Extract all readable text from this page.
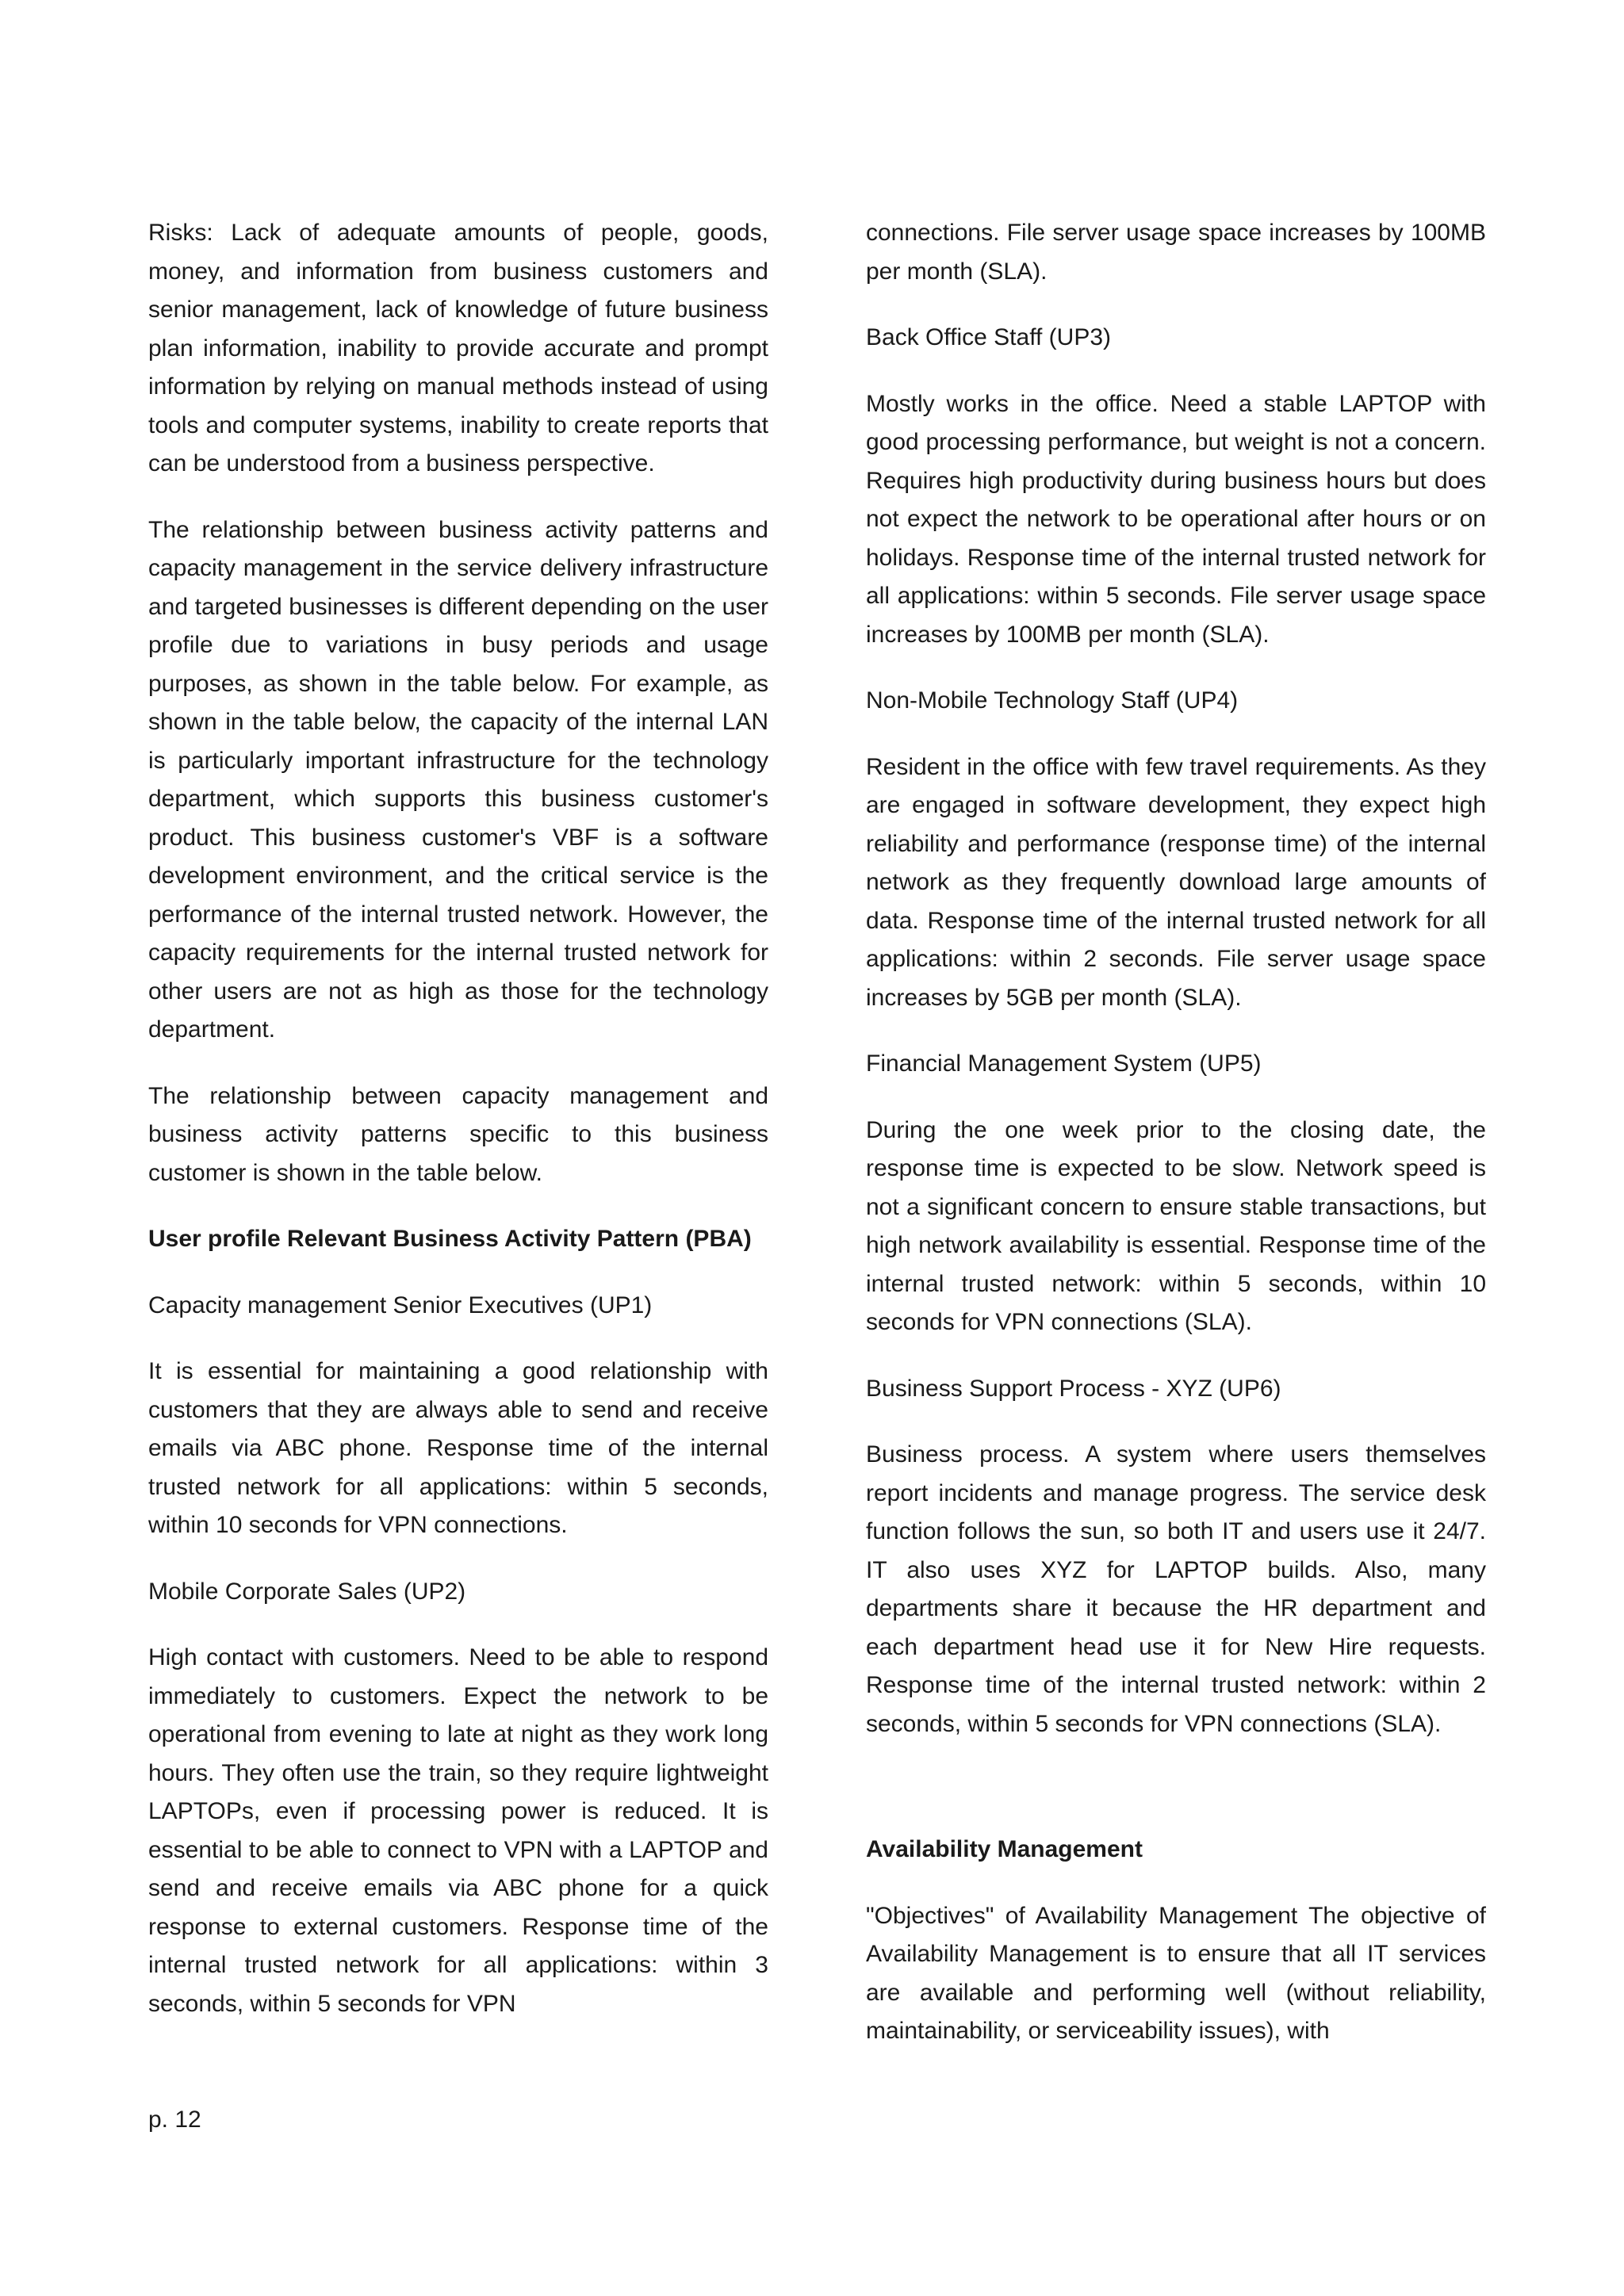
Risks: Lack of adequate amounts of people, goods, money, and information from business customers and senior management, lack of knowledge of future business plan information, inability to provide accurate and prompt information by relying on manual methods instead of using tools and computer systems, inability to create reports that can be understood from a business perspective.

The relationship between business activity patterns and capacity management in the service delivery infrastructure and targeted businesses is different depending on the user profile due to variations in busy periods and usage purposes, as shown in the table below. For example, as shown in the table below, the capacity of the internal LAN is particularly important infrastructure for the technology department, which supports this business customer's product. This business customer's VBF is a software development environment, and the critical service is the performance of the internal trusted network. However, the capacity requirements for the internal trusted network for other users are not as high as those for the technology department.

The relationship between capacity management and business activity patterns specific to this business customer is shown in the table below.

User profile Relevant Business Activity Pattern (PBA)

Capacity management Senior Executives (UP1)

It is essential for maintaining a good relationship with customers that they are always able to send and receive emails via ABC phone. Response time of the internal trusted network for all applications: within 5 seconds, within 10 seconds for VPN connections.

Mobile Corporate Sales (UP2)

High contact with customers. Need to be able to respond immediately to customers. Expect the network to be operational from evening to late at night as they work long hours. They often use the train, so they require lightweight LAPTOPs, even if processing power is reduced. It is essential to be able to connect to VPN with a LAPTOP and send and receive emails via ABC phone for a quick response to external customers. Response time of the internal trusted network for all applications: within 3 seconds, within 5 seconds for VPN

connections. File server usage space increases by 100MB per month (SLA).

Back Office Staff (UP3)

Mostly works in the office. Need a stable LAPTOP with good processing performance, but weight is not a concern. Requires high productivity during business hours but does not expect the network to be operational after hours or on holidays. Response time of the internal trusted network for all applications: within 5 seconds. File server usage space increases by 100MB per month (SLA).

Non-Mobile Technology Staff (UP4)

Resident in the office with few travel requirements. As they are engaged in software development, they expect high reliability and performance (response time) of the internal network as they frequently download large amounts of data. Response time of the internal trusted network for all applications: within 2 seconds. File server usage space increases by 5GB per month (SLA).

Financial Management System (UP5)

During the one week prior to the closing date, the response time is expected to be slow. Network speed is not a significant concern to ensure stable transactions, but high network availability is essential. Response time of the internal trusted network: within 5 seconds, within 10 seconds for VPN connections (SLA).

Business Support Process - XYZ (UP6)

Business process. A system where users themselves report incidents and manage progress. The service desk function follows the sun, so both IT and users use it 24/7. IT also uses XYZ for LAPTOP builds. Also, many departments share it because the HR department and each department head use it for New Hire requests. Response time of the internal trusted network: within 2 seconds, within 5 seconds for VPN connections (SLA).

Availability Management

"Objectives" of Availability Management The objective of Availability Management is to ensure that all IT services are available and performing well (without reliability, maintainability, or serviceability issues), with

p. 12
